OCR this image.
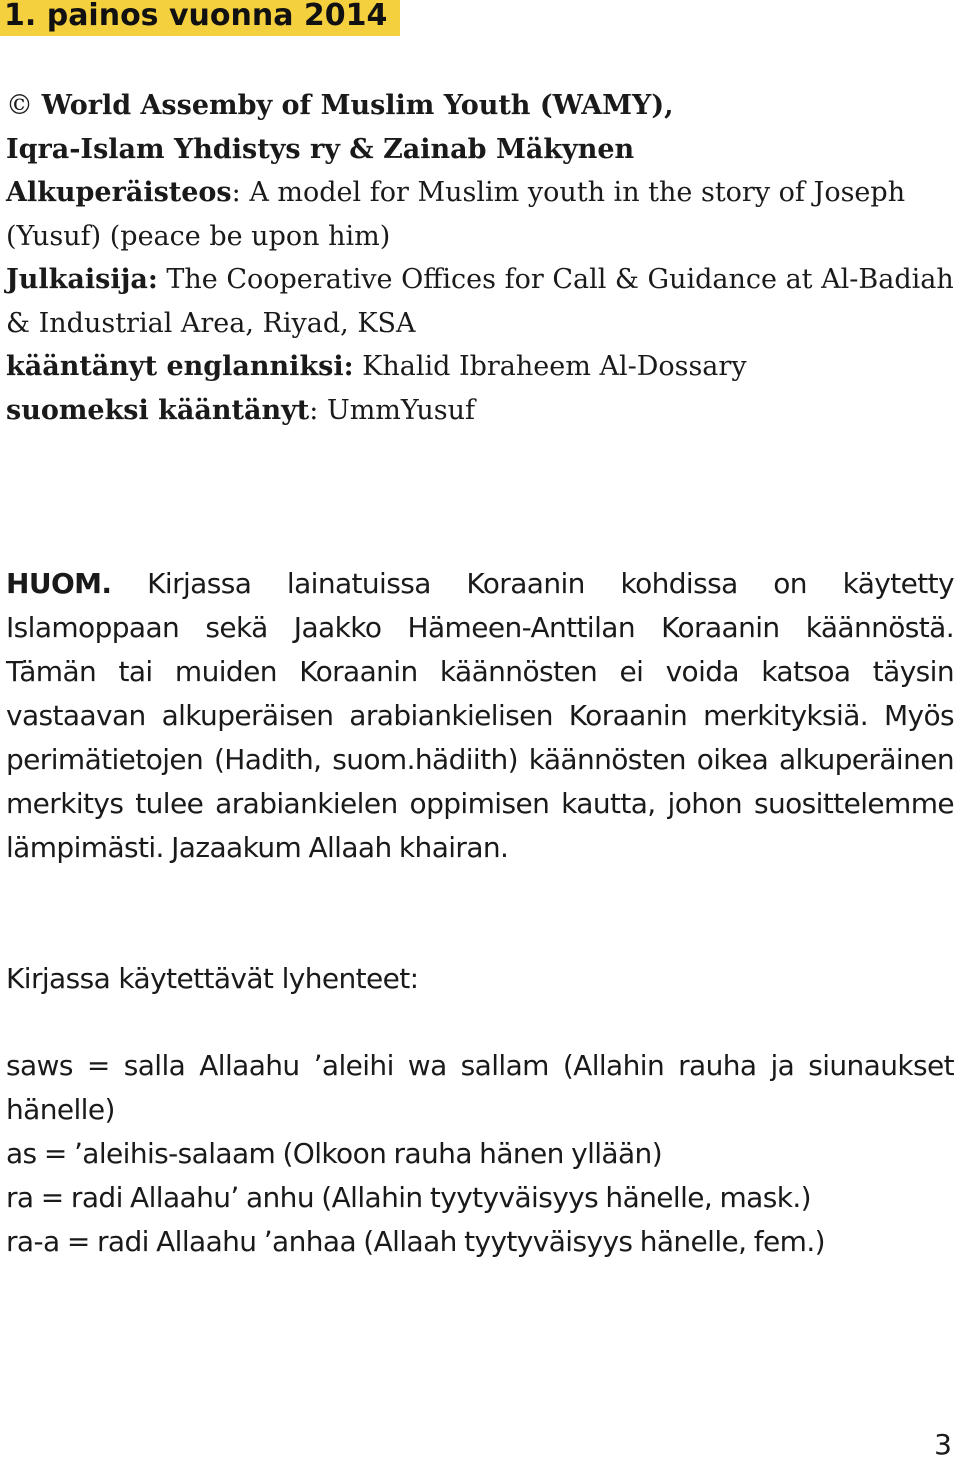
1. painos vuonna 2014
© World Assemby of Muslim Youth (WAMY),
Iqra-Islam Yhdistys ry & Zainab Mäkynen
Alkuperäisteos: A model for Muslim youth in the story of Joseph (Yusuf) (peace be upon him)
Julkaisija: The Cooperative Offices for Call & Guidance at Al-Badiah & Industrial Area, Riyad, KSA
kääntänyt englanniksi: Khalid Ibraheem Al-Dossary
suomeksi kääntänyt: UmmYusuf
HUOM. Kirjassa lainatuissa Koraanin kohdissa on käytetty Islamoppaan sekä Jaakko Hämeen-Anttilan Koraanin käännöstä. Tämän tai muiden Koraanin käännösten ei voida katsoa täysin vastaavan alkuperäisen arabiankielisen Koraanin merkityksiä. Myös perimätietojen (Hadith, suom.hädiith) käännösten oikea alkuperäinen merkitys tulee arabiankielen oppimisen kautta, johon suosittelemme lämpimästi. Jazaakum Allaah khairan.
Kirjassa käytettävät lyhenteet:
saws = salla Allaahu ʼaleihi wa sallam (Allahin rauha ja siunaukset hänelle)
as = ʼaleihis-salaam (Olkoon rauha hänen yllään)
ra = radi Allaahuʼ anhu (Allahin tyytyväisyys hänelle, mask.)
ra-a = radi Allaahu ʼanhaa (Allaah tyytyväisyys hänelle, fem.)
3
